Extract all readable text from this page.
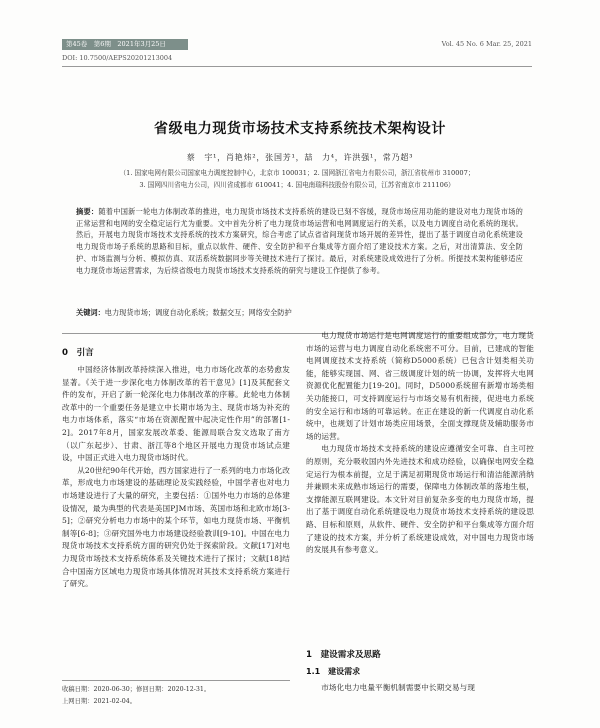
第45卷　第6期　2021年3月25日	Vol. 45 No. 6 Mar. 25, 2021
DOI: 10.7500/AEPS20201213004
省级电力现货市场技术支持系统技术架构设计
蔡　宇¹，肖艳炜²，张国芳¹，喆　力⁴，许洪强¹，常乃超³
（1. 国家电网有限公司国家电力调度控制中心，北京市 100031；2. 国网浙江省电力有限公司，浙江省杭州市 310007；
3. 国网四川省电力公司，四川省成都市 610041；4. 国电南瑞科技股份有限公司，江苏省南京市 211106）
摘要：随着中国新一轮电力体制改革的推进，电力现货市场技术支持系统的建设已刻不容缓，现货市场应用功能的建设对电力现货市场的正常运营和电网的安全稳定运行尤为重要。文中首先分析了电力现货市场运营和电网调度运行的关系，以及电力调度自动化系统的现状。然后，开展电力现货市场技术支持系统的技术方案研究，综合考虑了试点省省间现货市场开展的差异性，提出了基于调度自动化系统建设电力现货市场子系统的思路和目标，重点以软件、硬件、安全防护和平台集成等方面介绍了建设技术方案。之后，对出清算法、安全防护、市场监测与分析、模拟仿真、双活系统数据同步等关键技术进行了探讨。最后，对系统建设成效进行了分析。所提技术架构能够适应电力现货市场运营需求，为后续省级电力现货市场技术支持系统的研究与建设工作提供了参考。
关键词：电力现货市场；调度自动化系统；数据交互；网络安全防护
0　引言

中国经济体制改革持续深入推进，电力市场化改革的态势愈发显著。《关于进一步深化电力体制改革的若干意见》[1]及其配套文件的发布，开启了新一轮深化电力体制改革的序幕。此轮电力体制改革中的一个重要任务是建立中长期市场为主、现货市场为补充的电力市场体系，落实“市场在资源配置中起决定性作用”的部署[1-2]。2017年8月，国家发展改革委、能源局联合发文选取了南方（以广东起步）、甘肃、浙江等8个地区开展电力现货市场试点建设，中国正式进入电力现货市场时代。

从20世纪90年代开始，西方国家进行了一系列的电力市场化改革，形成电力市场建设的基础理论及实践经验，中国学者也对电力市场建设进行了大量的研究，主要包括：①国外电力市场的总体建设情况，最为典型的代表是美国PJM市场、英国市场和北欧市场[3-5]；②研究分析电力市场中的某个环节，如电力现货市场、平衡机制等[6-8]；③研究国外电力市场建设经验教训[9-10]。中国在电力现货市场技术支持系统方面的研究仍处于探索阶段。文献[17]对电力现货市场技术支持系统体系及关键技术进行了探讨；文献[18]结合中国南方区域电力现货市场具体情况对其技术支持系统方案进行了研究。

电力现货市场运行是电网调度运行的重要组成部分，电力现货市场的运营与电力调度自动化系统密不可分。目前，已建成的智能电网调度技术支持系统（简称D5000系统）已包含计划类相关功能，能够实现国、网、省三级调度计划的统一协调，发挥将大电网资源优化配置能力[19-20]。同时，D5000系统留有新增市场类相关功能接口，可支持调度运行与市场交易有机衔接，促进电力系统的安全运行和市场的可靠运转。在正在建设的新一代调度自动化系统中，也规划了计划市场类应用场景，全面支撑现货及辅助服务市场的运营。

电力现货市场技术支持系统的建设应遵循安全可靠、自主可控的原则，充分吸收国内外先进技术和成功经验，以确保电网安全稳定运行为根本前提，立足于满足初期现货市场运行和清洁能源消纳并兼顾未来成熟市场运行的需要，保障电力体制改革的落地生根，支撑能源互联网建设。本文针对目前复杂多变的电力现货市场，提出了基于调度自动化系统建设电力现货市场技术支持系统的建设思路、目标和原则，从软件、硬件、安全防护和平台集成等方面介绍了建设的技术方案，并分析了系统建设成效，对中国电力现货市场的发展具有参考意义。

1　建设需求及思路
1.1　建设需求

市场化电力电量平衡机制需要中长期交易与现

收稿日期：2020-06-30；修回日期：2020-12-31。
上网日期：2021-02-04。
